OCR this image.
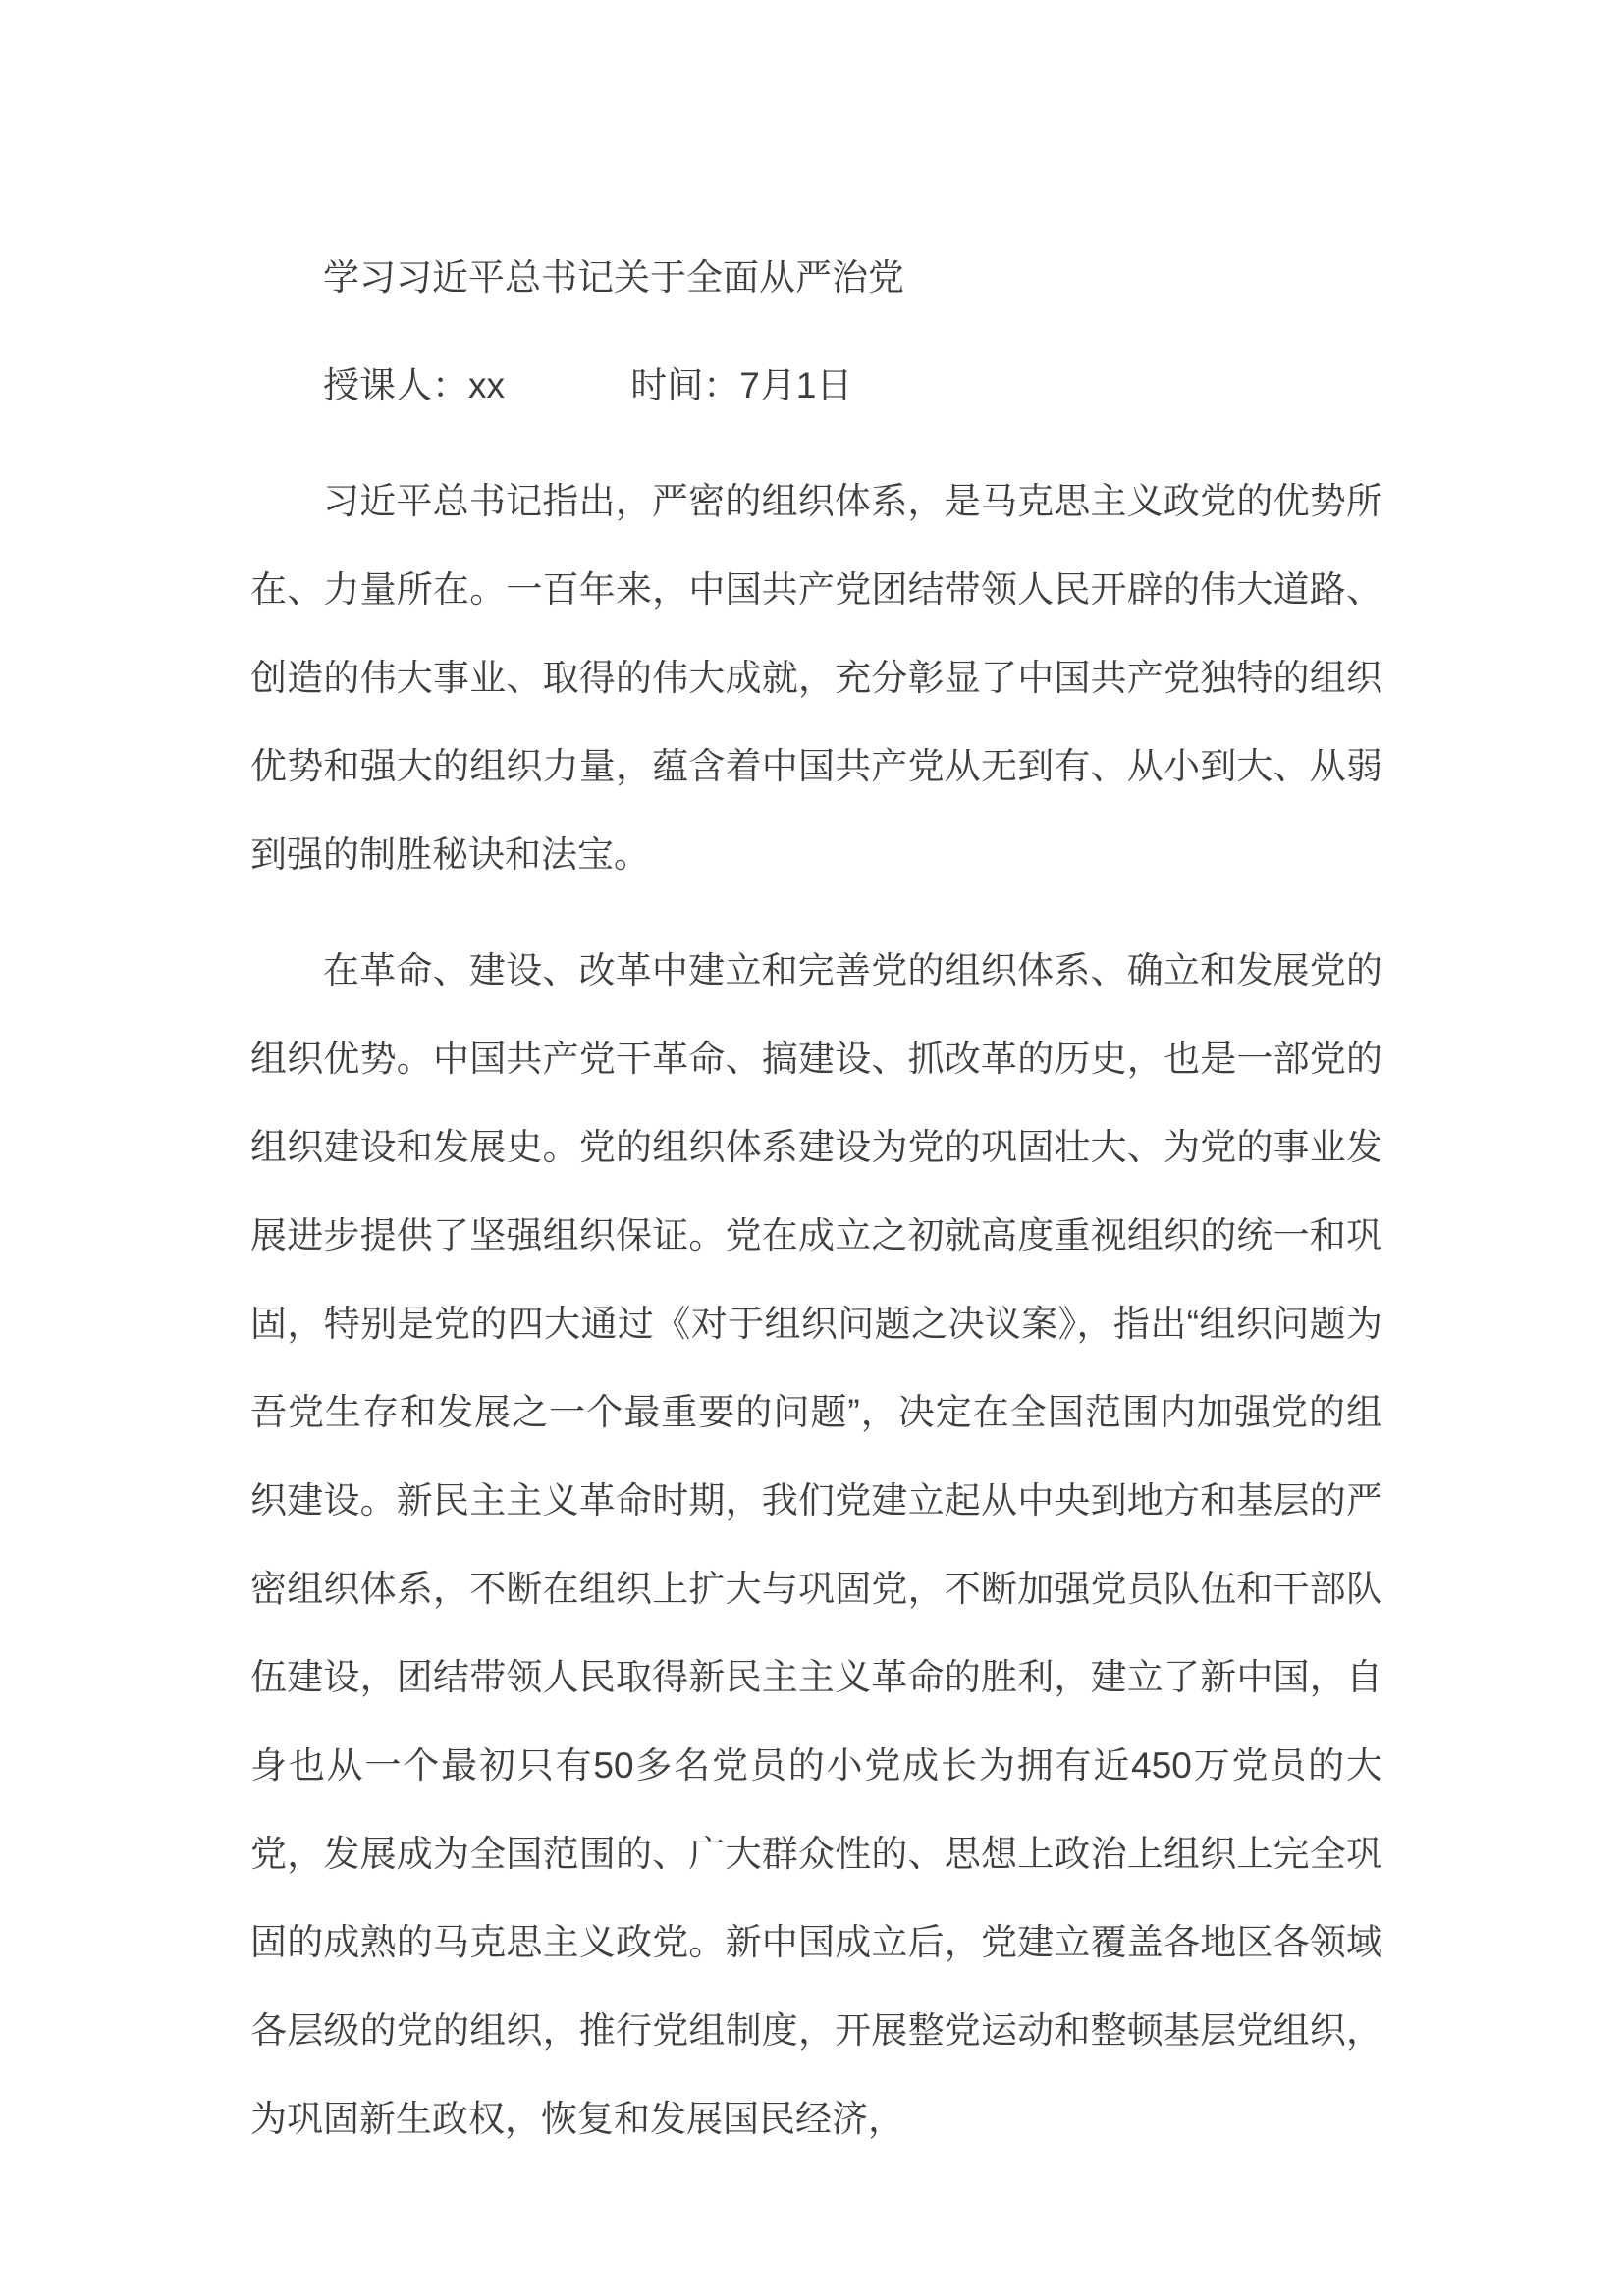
学习习近平总书记关于全面从严治党

授课人：xx	时间：7月1日

习近平总书记指出，严密的组织体系，是马克思主义政党的优势所在、力量所在。一百年来，中国共产党团结带领人民开辟的伟大道路、创造的伟大事业、取得的伟大成就，充分彰显了中国共产党独特的组织优势和强大的组织力量，蕴含着中国共产党从无到有、从小到大、从弱到强的制胜秘诀和法宝。

在革命、建设、改革中建立和完善党的组织体系、确立和发展党的组织优势。中国共产党干革命、搞建设、抓改革的历史，也是一部党的组织建设和发展史。党的组织体系建设为党的巩固壮大、为党的事业发展进步提供了坚强组织保证。党在成立之初就高度重视组织的统一和巩固，特别是党的四大通过《对于组织问题之决议案》，指出“组织问题为吾党生存和发展之一个最重要的问题”，决定在全国范围内加强党的组织建设。新民主主义革命时期，我们党建立起从中央到地方和基层的严密组织体系，不断在组织上扩大与巩固党，不断加强党员队伍和干部队伍建设，团结带领人民取得新民主主义革命的胜利，建立了新中国，自身也从一个最初只有50多名党员的小党成长为拥有近450万党员的大党，发展成为全国范围的、广大群众性的、思想上政治上组织上完全巩固的成熟的马克思主义政党。新中国成立后，党建立覆盖各地区各领域各层级的党的组织，推行党组制度，开展整党运动和整顿基层党组织，为巩固新生政权，恢复和发展国民经济，
